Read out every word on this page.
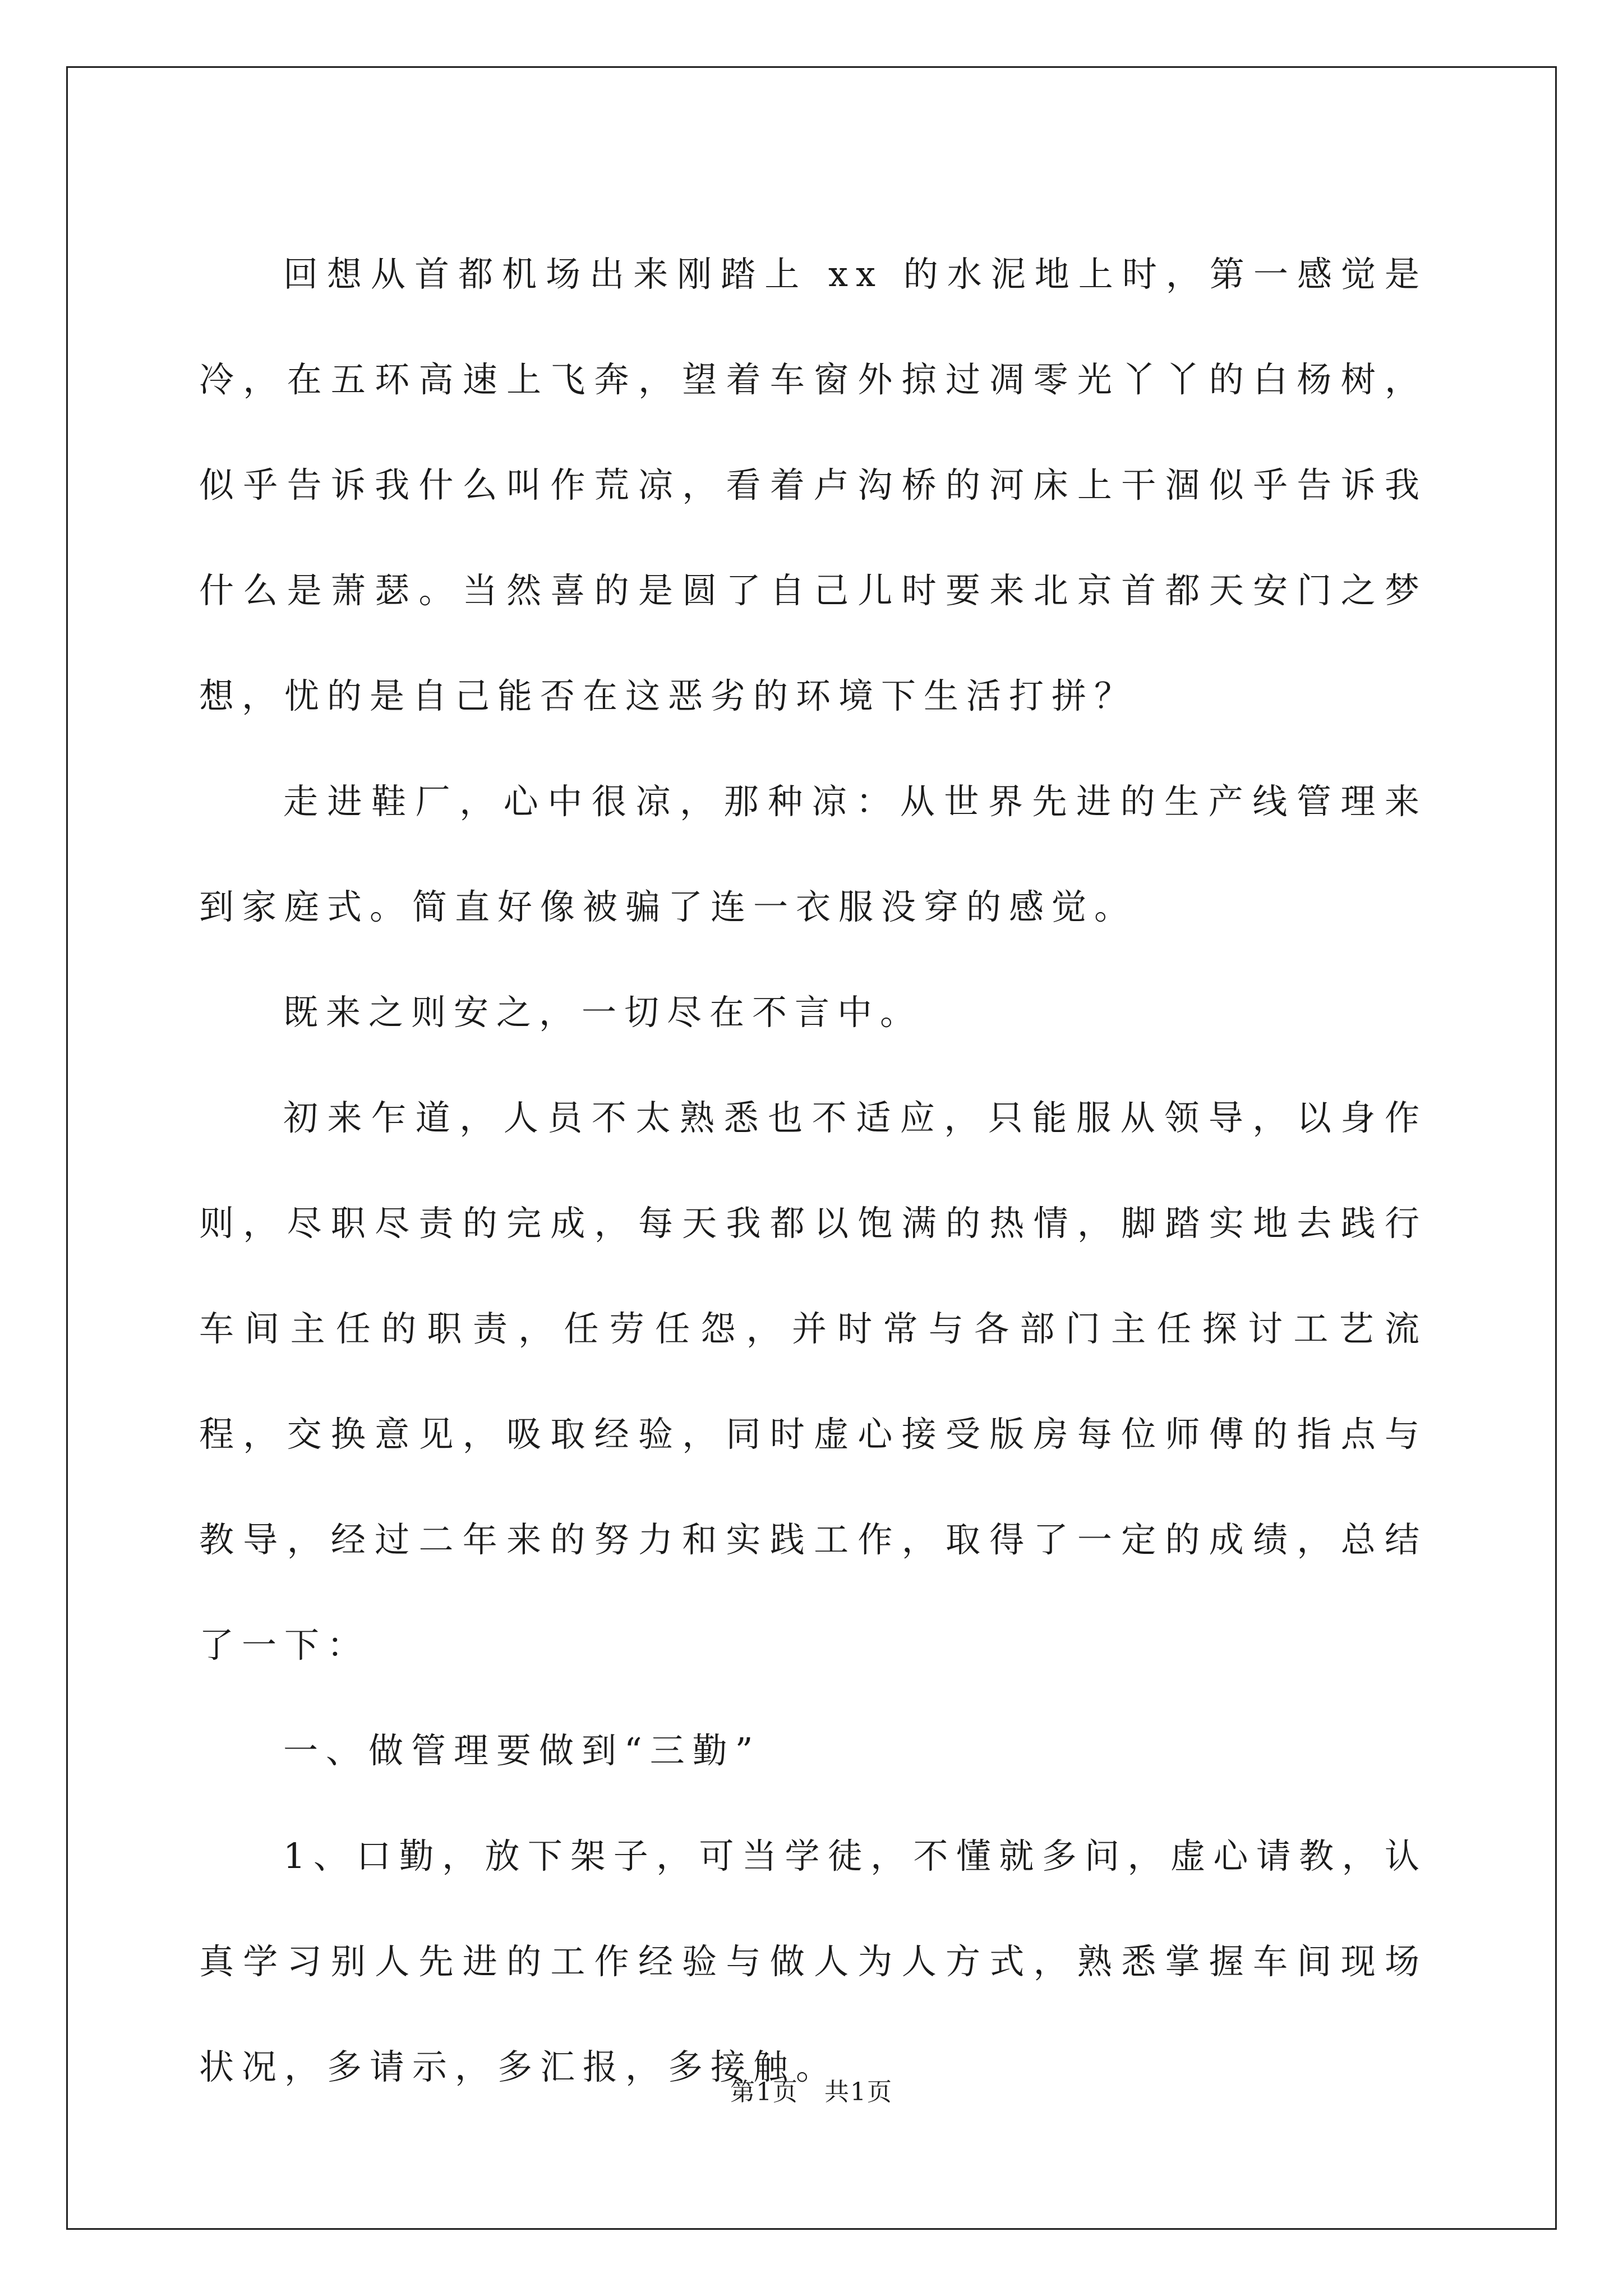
回想从首都机场出来刚踏上 xx 的水泥地上时，第一感觉是冷，在五环高速上飞奔，望着车窗外掠过凋零光丫丫的白杨树，似乎告诉我什么叫作荒凉，看着卢沟桥的河床上干涸似乎告诉我什么是萧瑟。当然喜的是圆了自己儿时要来北京首都天安门之梦想，忧的是自己能否在这恶劣的环境下生活打拼？

走进鞋厂，心中很凉，那种凉：从世界先进的生产线管理来到家庭式。简直好像被骗了连一衣服没穿的感觉。

既来之则安之，一切尽在不言中。

初来乍道，人员不太熟悉也不适应，只能服从领导，以身作则，尽职尽责的完成，每天我都以饱满的热情，脚踏实地去践行车间主任的职责，任劳任怨，并时常与各部门主任探讨工艺流程，交换意见，吸取经验，同时虚心接受版房每位师傅的指点与教导，经过二年来的努力和实践工作，取得了一定的成绩，总结了一下：

一、做管理要做到“三勤”

1、口勤，放下架子，可当学徒，不懂就多问，虚心请教，认真学习别人先进的工作经验与做人为人方式，熟悉掌握车间现场状况，多请示，多汇报，多接触。

第1页　共1页
